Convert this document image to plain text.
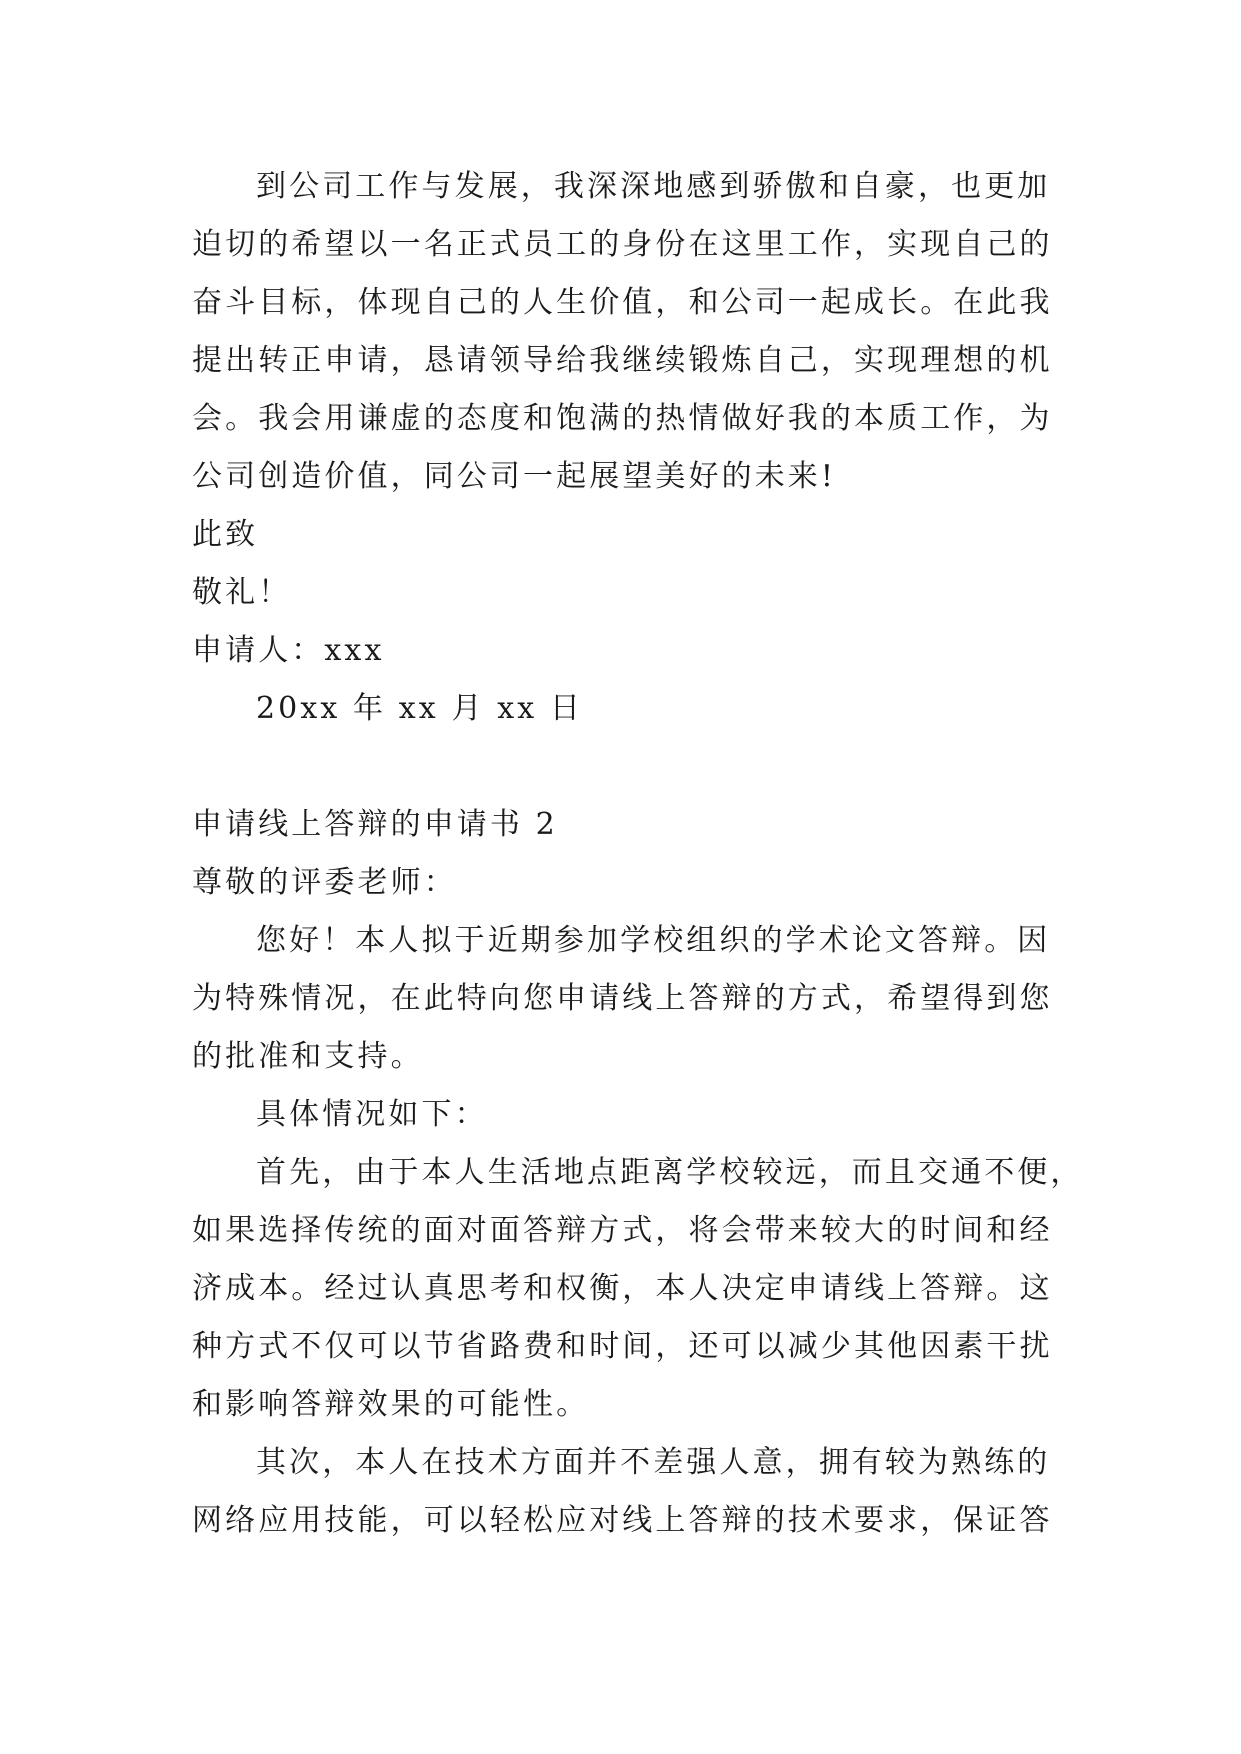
到公司工作与发展，我深深地感到骄傲和自豪，也更加
迫切的希望以一名正式员工的身份在这里工作，实现自己的
奋斗目标，体现自己的人生价值，和公司一起成长。在此我
提出转正申请，恳请领导给我继续锻炼自己，实现理想的机
会。我会用谦虚的态度和饱满的热情做好我的本质工作，为
公司创造价值，同公司一起展望美好的未来!
此致
敬礼！
申请人：xxx
20xx 年 xx 月 xx 日
申请线上答辩的申请书 2
尊敬的评委老师：
您好！本人拟于近期参加学校组织的学术论文答辩。因
为特殊情况，在此特向您申请线上答辩的方式，希望得到您
的批准和支持。
具体情况如下：
首先，由于本人生活地点距离学校较远，而且交通不便，
如果选择传统的面对面答辩方式，将会带来较大的时间和经
济成本。经过认真思考和权衡，本人决定申请线上答辩。这
种方式不仅可以节省路费和时间，还可以减少其他因素干扰
和影响答辩效果的可能性。
其次，本人在技术方面并不差强人意，拥有较为熟练的
网络应用技能，可以轻松应对线上答辩的技术要求，保证答
